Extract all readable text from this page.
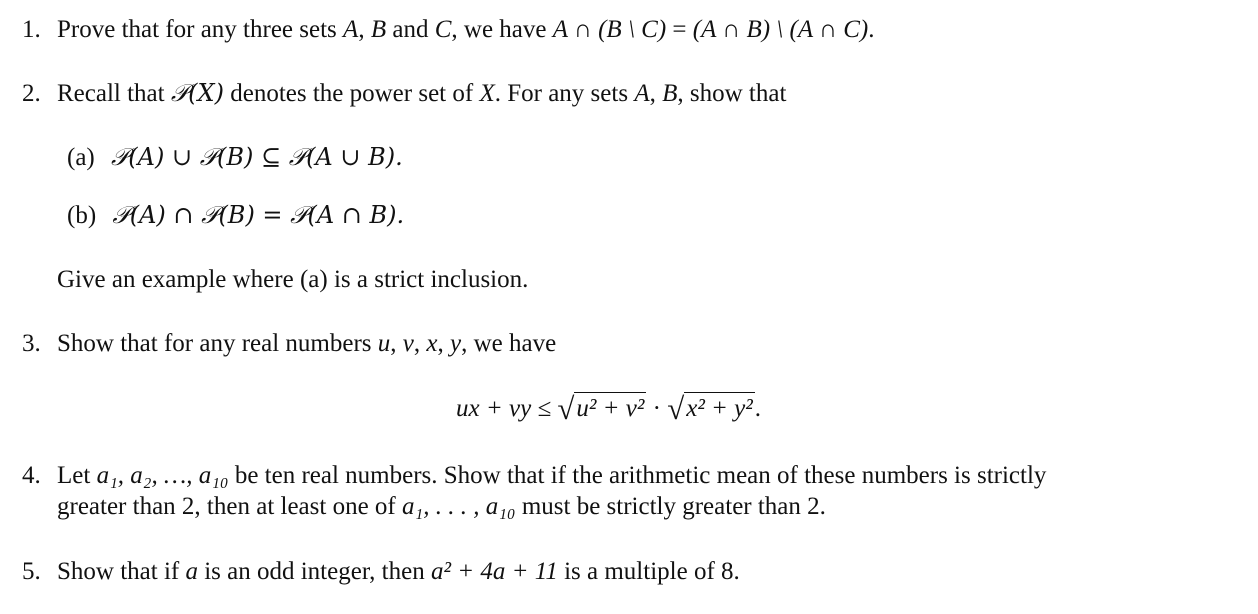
1. Prove that for any three sets A, B and C, we have A ∩ (B \ C) = (A ∩ B) \ (A ∩ C).
2. Recall that 𝒫(X) denotes the power set of X. For any sets A, B, show that
(a) 𝒫(A) ∪ 𝒫(B) ⊆ 𝒫(A ∪ B).
(b) 𝒫(A) ∩ 𝒫(B) = 𝒫(A ∩ B).
Give an example where (a) is a strict inclusion.
3. Show that for any real numbers u, v, x, y, we have
ux + vy ≤ √u² + v² · √x² + y².
4. Let a₁, a₂, …, a₁₀ be ten real numbers. Show that if the arithmetic mean of these numbers is strictly
greater than 2, then at least one of a₁, . . . , a₁₀ must be strictly greater than 2.
5. Show that if a is an odd integer, then a² + 4a + 11 is a multiple of 8.
